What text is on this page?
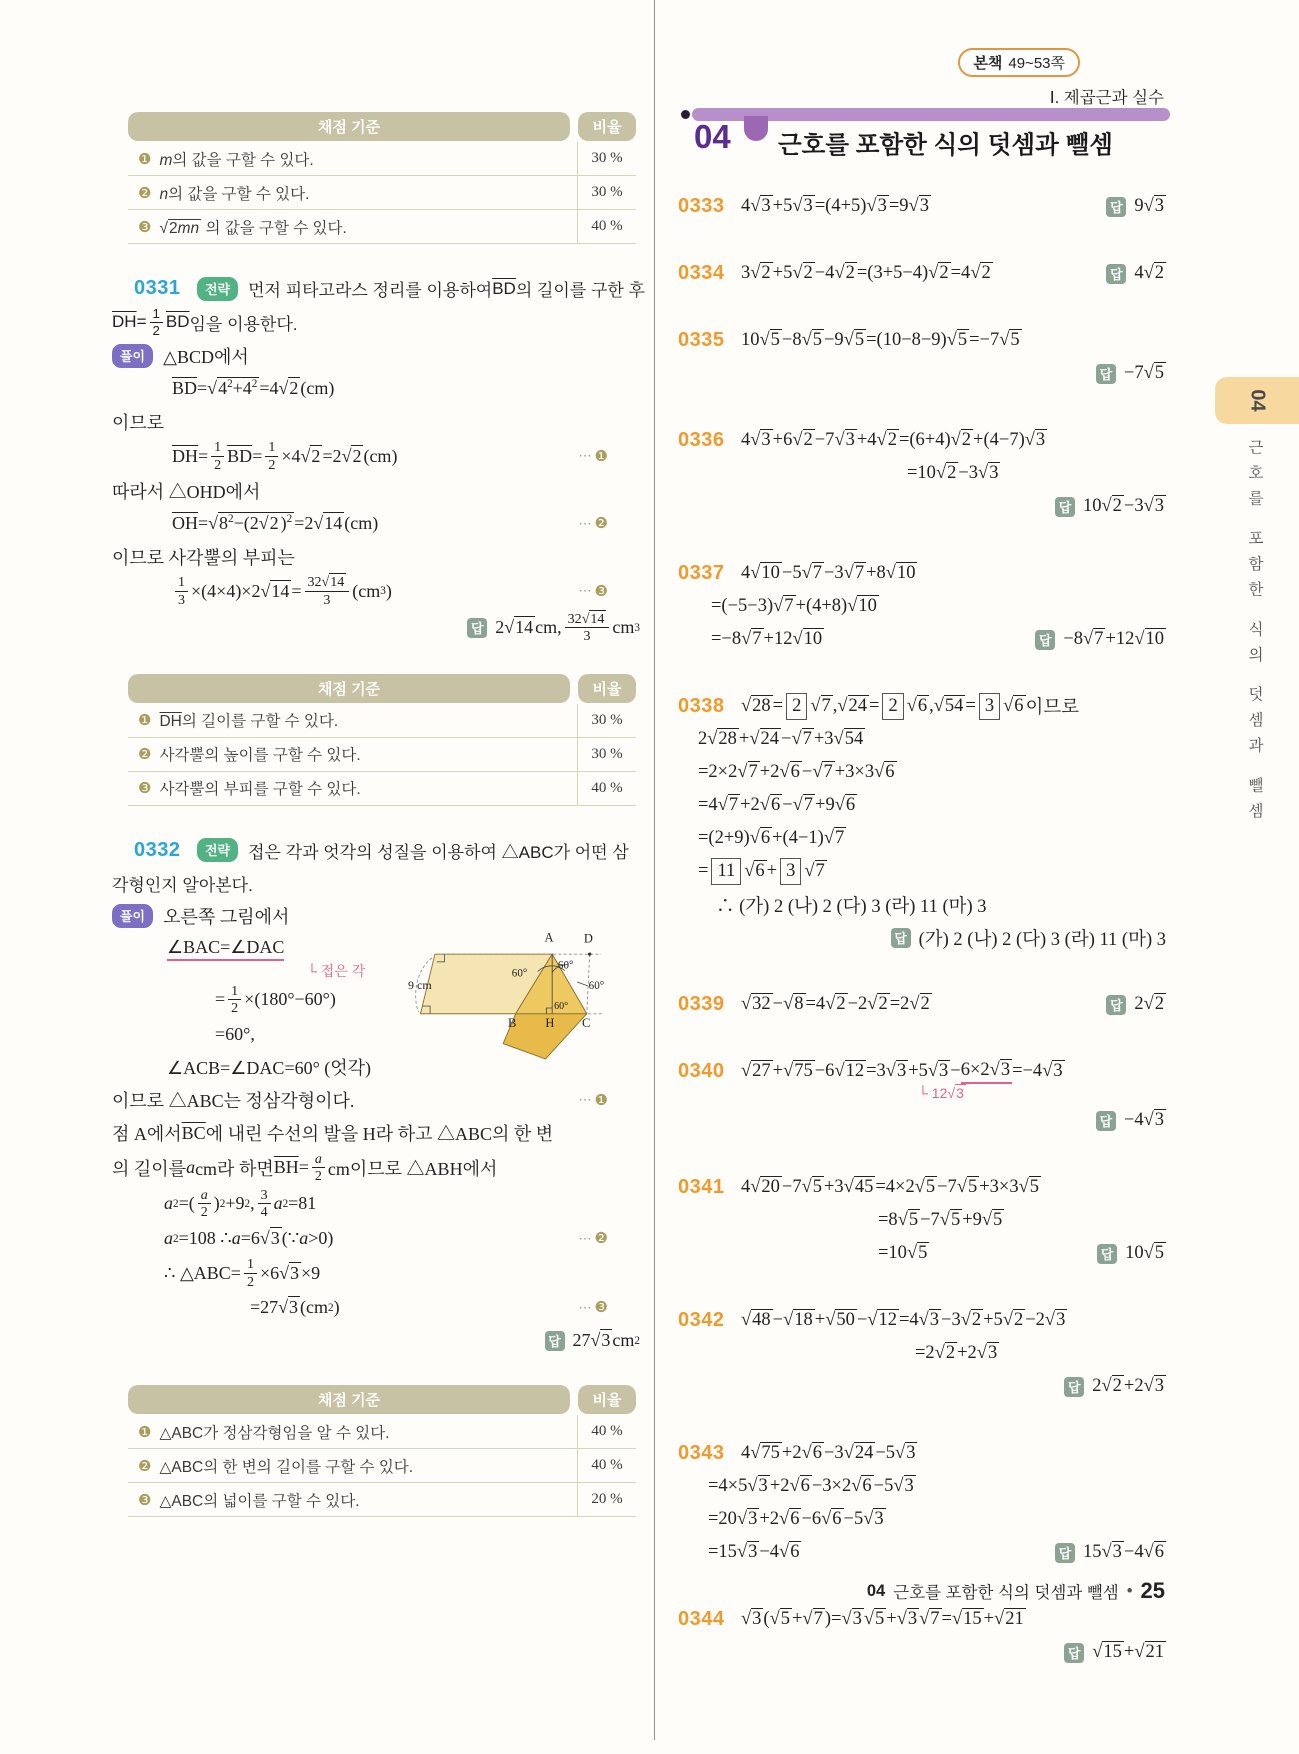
채점 기준	비율
❶ m의 값을 구할 수 있다.	30 %
❷ n의 값을 구할 수 있다.	30 %
❸ √2mn 의 값을 구할 수 있다.	40 %
0331	전략	먼저 피타고라스 정리를 이용하여 $\overline{BD}$ 의 길이를 구한 후
$\overline{DH} = \frac{1}{2} \overline{BD}$ 임을 이용한다.
풀이	△BCD에서
$\overline{BD} = √4^2+4^2 =4$ √2 (cm)
이므로
$\overline{DH} = \frac{1}{2} \overline{BD} = \frac{1}{2} \times 4$ √2 =2 √2 (cm)	⋯ ❶
따라서 △OHD에서
$\overline{OH} = √8^2-(2√2$ )$^2$ =2 √14 (cm)	⋯ ❷
이므로 사각뿔의 부피는
$\frac{1}{3} \times(4\times 4)\times 2$ $√14 = \frac{32√14}{3} (cm$ 3 )	⋯ ❸
답 2 √14 cm, $\frac{32√14}{3}$ cm 3
채점 기준	비율
❶ $\overline{DH}$의 길이를 구할 수 있다.	30 %
❷ 사각뿔의 높이를 구할 수 있다.	30 %
❸ 사각뿔의 부피를 구할 수 있다.	40 %
0332	전략	접은 각과 엇각의 성질을 이용하여 △ABC가 어떤 삼
각형인지 알아본다.
풀이	오른쪽 그림에서
∠BAC=∠DAC
└ 접은 각
= $\frac{1}{2} \times(180^\circ-60^\circ)$
=60°,
∠ACB=∠DAC=60° (엇각)
이므로 △ABC는 정삼각형이다.	⋯ ❶
점 A에서 $\overline{BC}$ 에 내린 수선의 발을 H라 하고 △ABC의 한 변
의 길이를 a cm라 하면 $\overline{BH} = \frac{a}{2}$ cm이므로 △ABH에서
a 2 =( $\frac{a}{2}$ ) 2 +9 2 , $\frac{3}{4}$ a 2 =81
a 2 =108 ∴ a =6 √3 (∵ a >0)	⋯ ❷
∴ △ABC= $\frac{1}{2} \times 6$ √3 ×9
=27 √3 (cm 2 )	⋯ ❸
답 27 √3 cm 2
채점 기준	비율
❶ △ABC가 정삼각형임을 알 수 있다.	40 %
❷ △ABC의 한 변의 길이를 구할 수 있다.	40 %
❸ △ABC의 넓이를 구할 수 있다.	20 %
A D
B H C
9 cm
60°
60°
60°
60°
본책 49~53쪽
Ⅰ. 제곱근과 실수
04 근호를 포함한 식의 덧셈과 뺄셈
0333 4 √3 +5 √3 =(4+5) √3 =9 √3	답 9 √3
0334 3 √2 +5 √2 −4 √2 =(3+5−4) √2 =4 √2	답 4 √2
0335 10 √5 −8 √5 −9 √5 =(10−8−9) √5 =−7 √5
답 −7 √5
0336 4 √3 +6 √2 −7 √3 +4 √2 =(6+4) √2 +(4−7) √3
=10 √2 −3 √3
답 10 √2 −3 √3
0337 4 √10 −5 √7 −3 √7 +8 √10
=(−5−3) √7 +(4+8) √10
=−8 √7 +12 √10	답 −8 √7 +12 √10
0338 √28 = 2 √7 , √24 = 2 √6 , √54 = 3 √6 이므로
2 √28 + √24 − √7 +3 √54
=2×2 √7 +2 √6 − √7 +3×3 √6
=4 √7 +2 √6 − √7 +9 √6
=(2+9) √6 +(4−1) √7
= 11 √6 + 3 √7
∴ (가) 2 (나) 2 (다) 3 (라) 11 (마) 3
답 (가) 2 (나) 2 (다) 3 (라) 11 (마) 3
0339 √32 − √8 =4 √2 −2 √2 =2 √2	답 2 √2
0340 √27 + √75 −6 √12 =3 √3 +5 √3 − 6×2√3 =−4 √3
└ 12√3
답 −4 √3
0341 4 √20 −7 √5 +3 √45 =4×2 √5 −7 √5 +3×3 √5
=8 √5 −7 √5 +9 √5
=10 √5	답 10 √5
0342 √48 − √18 + √50 − √12 =4 √3 −3 √2 +5 √2 −2 √3
=2 √2 +2 √3
답 2 √2 +2 √3
0343 4 √75 +2 √6 −3 √24 −5 √3
=4×5 √3 +2 √6 −3×2 √6 −5 √3
=20 √3 +2 √6 −6 √6 −5 √3
=15 √3 −4 √6	답 15 √3 −4 √6
0344 √3 ( √5 + √7 )= √3 √5 + √3 √7 = √15 + √21
답 √15 + √21
04
근호를 포함한 식의 덧셈과 뺄셈
04 근호를 포함한 식의 덧셈과 뺄셈 • 25
